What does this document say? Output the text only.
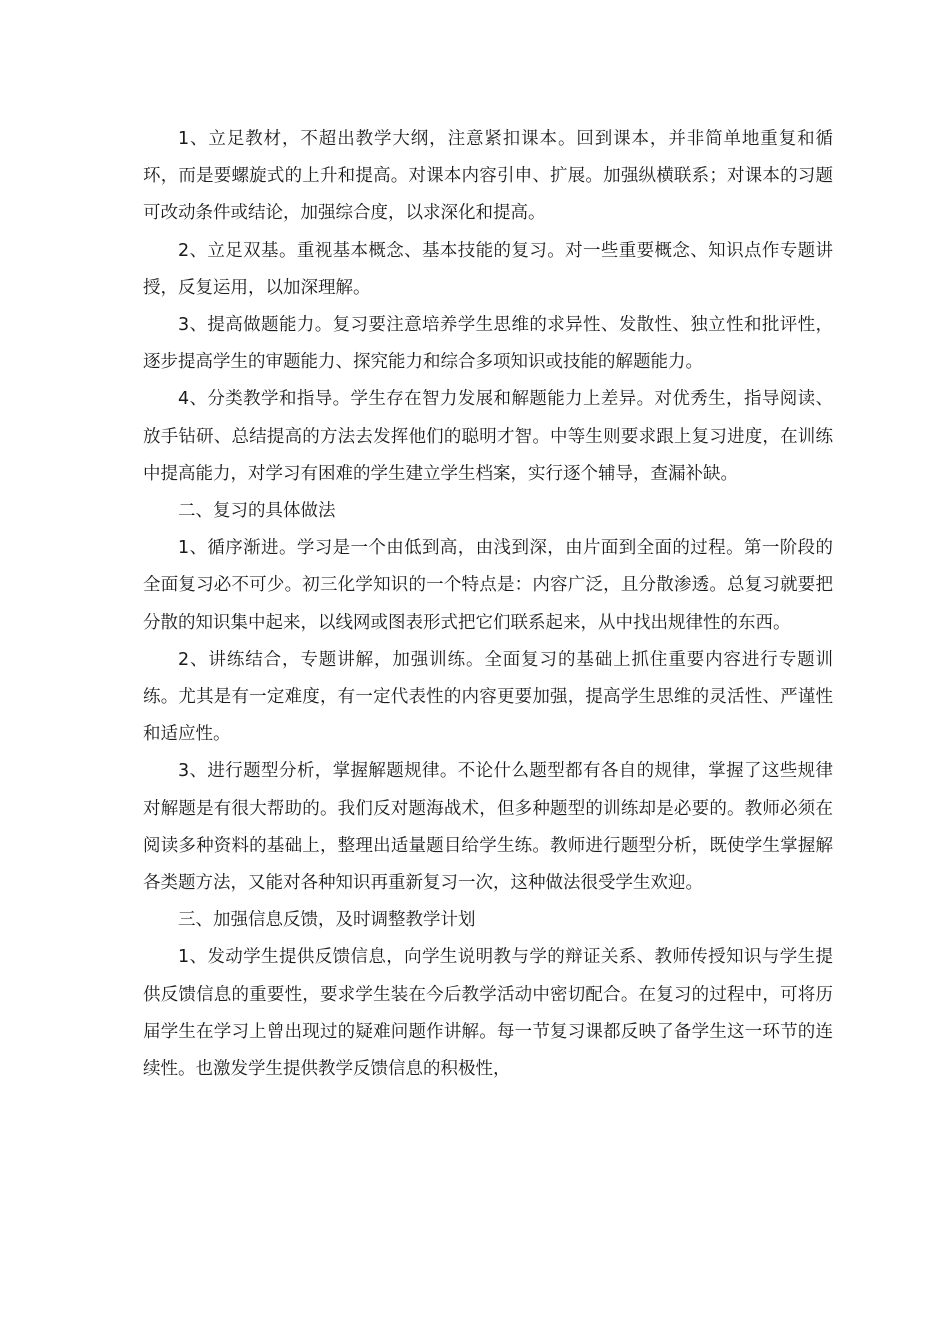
1、立足教材，不超出教学大纲，注意紧扣课本。回到课本，并非简单地重复和循环，而是要螺旋式的上升和提高。对课本内容引申、扩展。加强纵横联系；对课本的习题可改动条件或结论，加强综合度，以求深化和提高。

2、立足双基。重视基本概念、基本技能的复习。对一些重要概念、知识点作专题讲授，反复运用，以加深理解。

3、提高做题能力。复习要注意培养学生思维的求异性、发散性、独立性和批评性，逐步提高学生的审题能力、探究能力和综合多项知识或技能的解题能力。

4、分类教学和指导。学生存在智力发展和解题能力上差异。对优秀生，指导阅读、放手钻研、总结提高的方法去发挥他们的聪明才智。中等生则要求跟上复习进度，在训练中提高能力，对学习有困难的学生建立学生档案，实行逐个辅导，查漏补缺。

二、复习的具体做法

1、循序渐进。学习是一个由低到高，由浅到深，由片面到全面的过程。第一阶段的全面复习必不可少。初三化学知识的一个特点是：内容广泛，且分散渗透。总复习就要把分散的知识集中起来，以线网或图表形式把它们联系起来，从中找出规律性的东西。

2、讲练结合，专题讲解，加强训练。全面复习的基础上抓住重要内容进行专题训练。尤其是有一定难度，有一定代表性的内容更要加强，提高学生思维的灵活性、严谨性和适应性。

3、进行题型分析，掌握解题规律。不论什么题型都有各自的规律，掌握了这些规律对解题是有很大帮助的。我们反对题海战术，但多种题型的训练却是必要的。教师必须在阅读多种资料的基础上，整理出适量题目给学生练。教师进行题型分析，既使学生掌握解各类题方法，又能对各种知识再重新复习一次，这种做法很受学生欢迎。

三、加强信息反馈，及时调整教学计划

1、发动学生提供反馈信息，向学生说明教与学的辩证关系、教师传授知识与学生提供反馈信息的重要性，要求学生装在今后教学活动中密切配合。在复习的过程中，可将历届学生在学习上曾出现过的疑难问题作讲解。每一节复习课都反映了备学生这一环节的连续性。也激发学生提供教学反馈信息的积极性，
